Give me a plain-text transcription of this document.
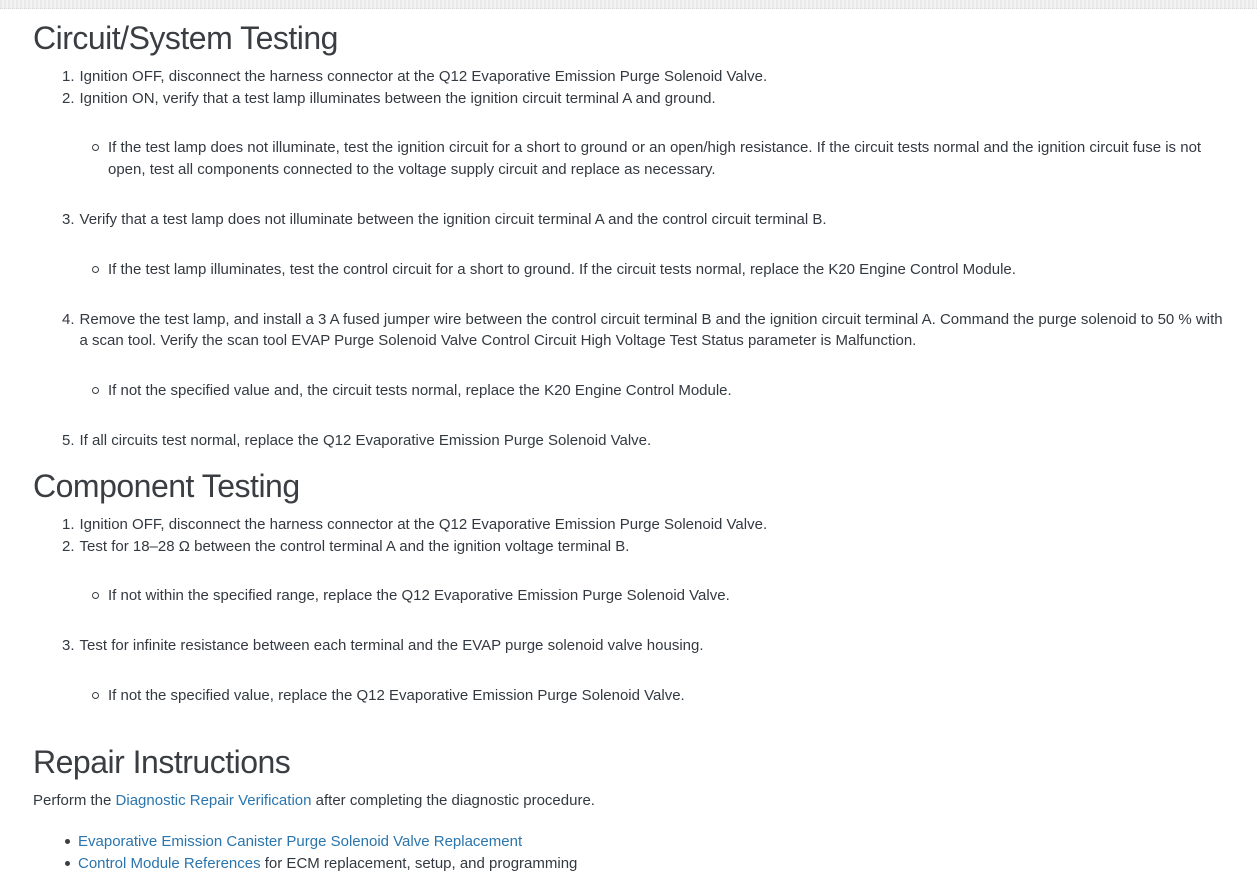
Circuit/System Testing
1. Ignition OFF, disconnect the harness connector at the Q12 Evaporative Emission Purge Solenoid Valve.
2. Ignition ON, verify that a test lamp illuminates between the ignition circuit terminal A and ground.
If the test lamp does not illuminate, test the ignition circuit for a short to ground or an open/high resistance. If the circuit tests normal and the ignition circuit fuse is not open, test all components connected to the voltage supply circuit and replace as necessary.
3. Verify that a test lamp does not illuminate between the ignition circuit terminal A and the control circuit terminal B.
If the test lamp illuminates, test the control circuit for a short to ground. If the circuit tests normal, replace the K20 Engine Control Module.
4. Remove the test lamp, and install a 3 A fused jumper wire between the control circuit terminal B and the ignition circuit terminal A. Command the purge solenoid to 50 % with a scan tool. Verify the scan tool EVAP Purge Solenoid Valve Control Circuit High Voltage Test Status parameter is Malfunction.
If not the specified value and, the circuit tests normal, replace the K20 Engine Control Module.
5. If all circuits test normal, replace the Q12 Evaporative Emission Purge Solenoid Valve.
Component Testing
1. Ignition OFF, disconnect the harness connector at the Q12 Evaporative Emission Purge Solenoid Valve.
2. Test for 18–28 Ω between the control terminal A and the ignition voltage terminal B.
If not within the specified range, replace the Q12 Evaporative Emission Purge Solenoid Valve.
3. Test for infinite resistance between each terminal and the EVAP purge solenoid valve housing.
If not the specified value, replace the Q12 Evaporative Emission Purge Solenoid Valve.
Repair Instructions

Perform the Diagnostic Repair Verification after completing the diagnostic procedure.

Evaporative Emission Canister Purge Solenoid Valve Replacement
Control Module References for ECM replacement, setup, and programming
